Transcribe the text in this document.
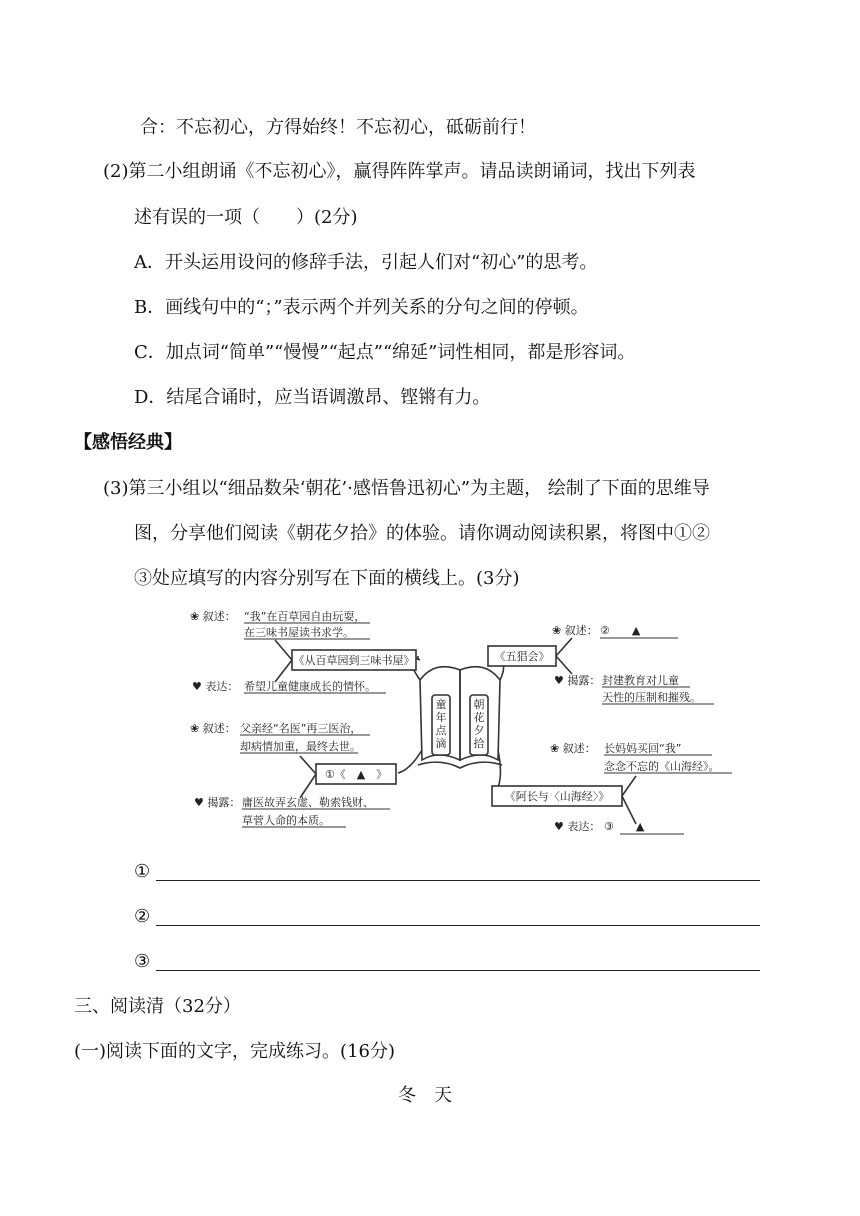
合：不忘初心，方得始终！不忘初心，砥砺前行！
(2)第二小组朗诵《不忘初心》，赢得阵阵掌声。请品读朗诵词，找出下列表
述有误的一项（　　）(2分)
A．开头运用设问的修辞手法，引起人们对“初心”的思考。
B．画线句中的“；”表示两个并列关系的分句之间的停顿。
C．加点词“简单”“慢慢”“起点”“绵延”词性相同，都是形容词。
D．结尾合诵时，应当语调激昂、铿锵有力。
【感悟经典】
(3)第三小组以“细品数朵‘朝花’·感悟鲁迅初心”为主题， 绘制了下面的思维导
图，分享他们阅读《朝花夕拾》的体验。请你调动阅读积累，将图中①②
③处应填写的内容分别写在下面的横线上。(3分)
童年点滴
朝花夕拾
《从百草园到三味书屋》
❀ 叙述： “我”在百草园自由玩耍，
在三味书屋读书求学。
♥ 表达： 希望儿童健康成长的情怀。
①《　▲　》
❀ 叙述： 父亲经“名医”再三医治，
却病情加重，最终去世。
♥ 揭露： 庸医故弄玄虚、勒索钱财、
草菅人命的本质。
《五猖会》
❀ 叙述： ②　　▲
♥ 揭露： 封建教育对儿童
天性的压制和摧残。
《阿长与〈山海经〉》
❀ 叙述： 长妈妈买回“我”
念念不忘的《山海经》。
♥ 表达： ③　　▲
①
②
③
三、阅读清（32分）
(一)阅读下面的文字，完成练习。(16分)
冬　天
